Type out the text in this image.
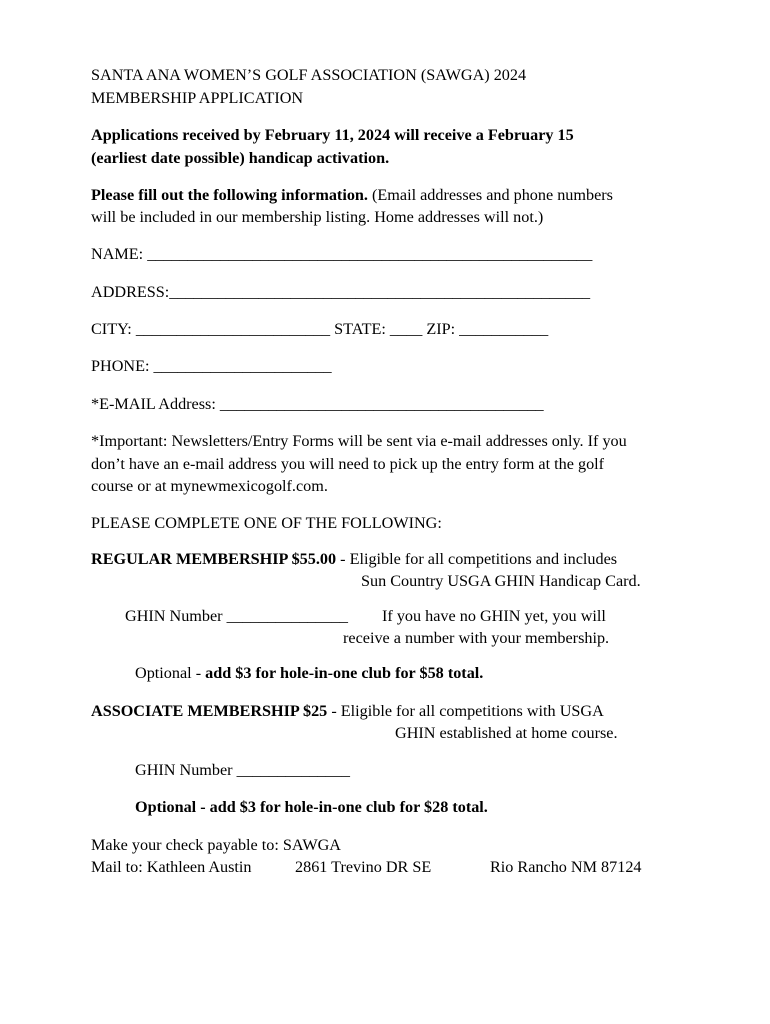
SANTA ANA WOMEN’S GOLF ASSOCIATION (SAWGA) 2024
MEMBERSHIP APPLICATION
Applications received by February 11, 2024 will receive a February 15
(earliest date possible) handicap activation.
Please fill out the following information. (Email addresses and phone numbers
will be included in our membership listing. Home addresses will not.)
NAME: _______________________________________________________
ADDRESS:____________________________________________________
CITY: ________________________ STATE: ____ ZIP: ___________
PHONE: ______________________
*E-MAIL Address: ________________________________________
*Important: Newsletters/Entry Forms will be sent via e-mail addresses only. If you
don’t have an e-mail address you will need to pick up the entry form at the golf
course or at mynewmexicogolf.com.
PLEASE COMPLETE ONE OF THE FOLLOWING:
REGULAR MEMBERSHIP $55.00 - Eligible for all competitions and includes
Sun Country USGA GHIN Handicap Card.
GHIN Number _______________ If you have no GHIN yet, you will
receive a number with your membership.
Optional - add $3 for hole-in-one club for $58 total.
ASSOCIATE MEMBERSHIP $25 - Eligible for all competitions with USGA
GHIN established at home course.
GHIN Number ______________
Optional - add $3 for hole-in-one club for $28 total.
Make your check payable to: SAWGA
Mail to: Kathleen Austin	2861 Trevino DR SE	Rio Rancho NM 87124
